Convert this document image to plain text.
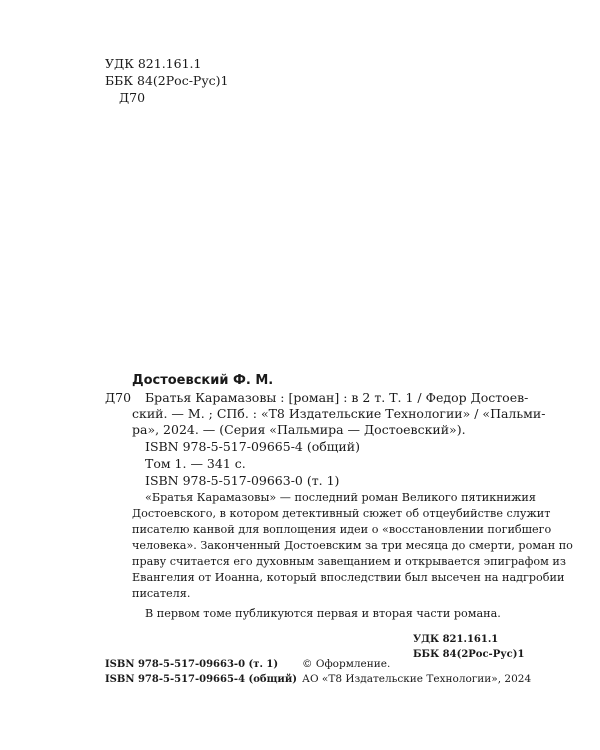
УДК 821.161.1
ББК 84(2Рос-Рус)1
Д70
Достоевский Ф. М.
Д70 Братья Карамазовы : [роман] : в 2 т. Т. 1 / Федор Достоев-
ский. — М. ; СПб. : «Т8 Издательские Технологии» / «Пальми-
ра», 2024. — (Серия «Пальмира — Достоевский»).
ISBN 978-5-517-09665-4 (общий)
Том 1. — 341 с.
ISBN 978-5-517-09663-0 (т. 1)
«Братья Карамазовы» — последний роман Великого пятикнижия
Достоевского, в котором детективный сюжет об отцеубийстве служит
писателю канвой для воплощения идеи о «восстановлении погибшего
человека». Законченный Достоевским за три месяца до смерти, роман по
праву считается его духовным завещанием и открывается эпиграфом из
Евангелия от Иоанна, который впоследствии был высечен на надгробии
писателя.
В первом томе публикуются первая и вторая части романа.
УДК 821.161.1
ББК 84(2Рос-Рус)1
ISBN 978-5-517-09663-0 (т. 1)
ISBN 978-5-517-09665-4 (общий)
© Оформление.
АО «Т8 Издательские Технологии», 2024
